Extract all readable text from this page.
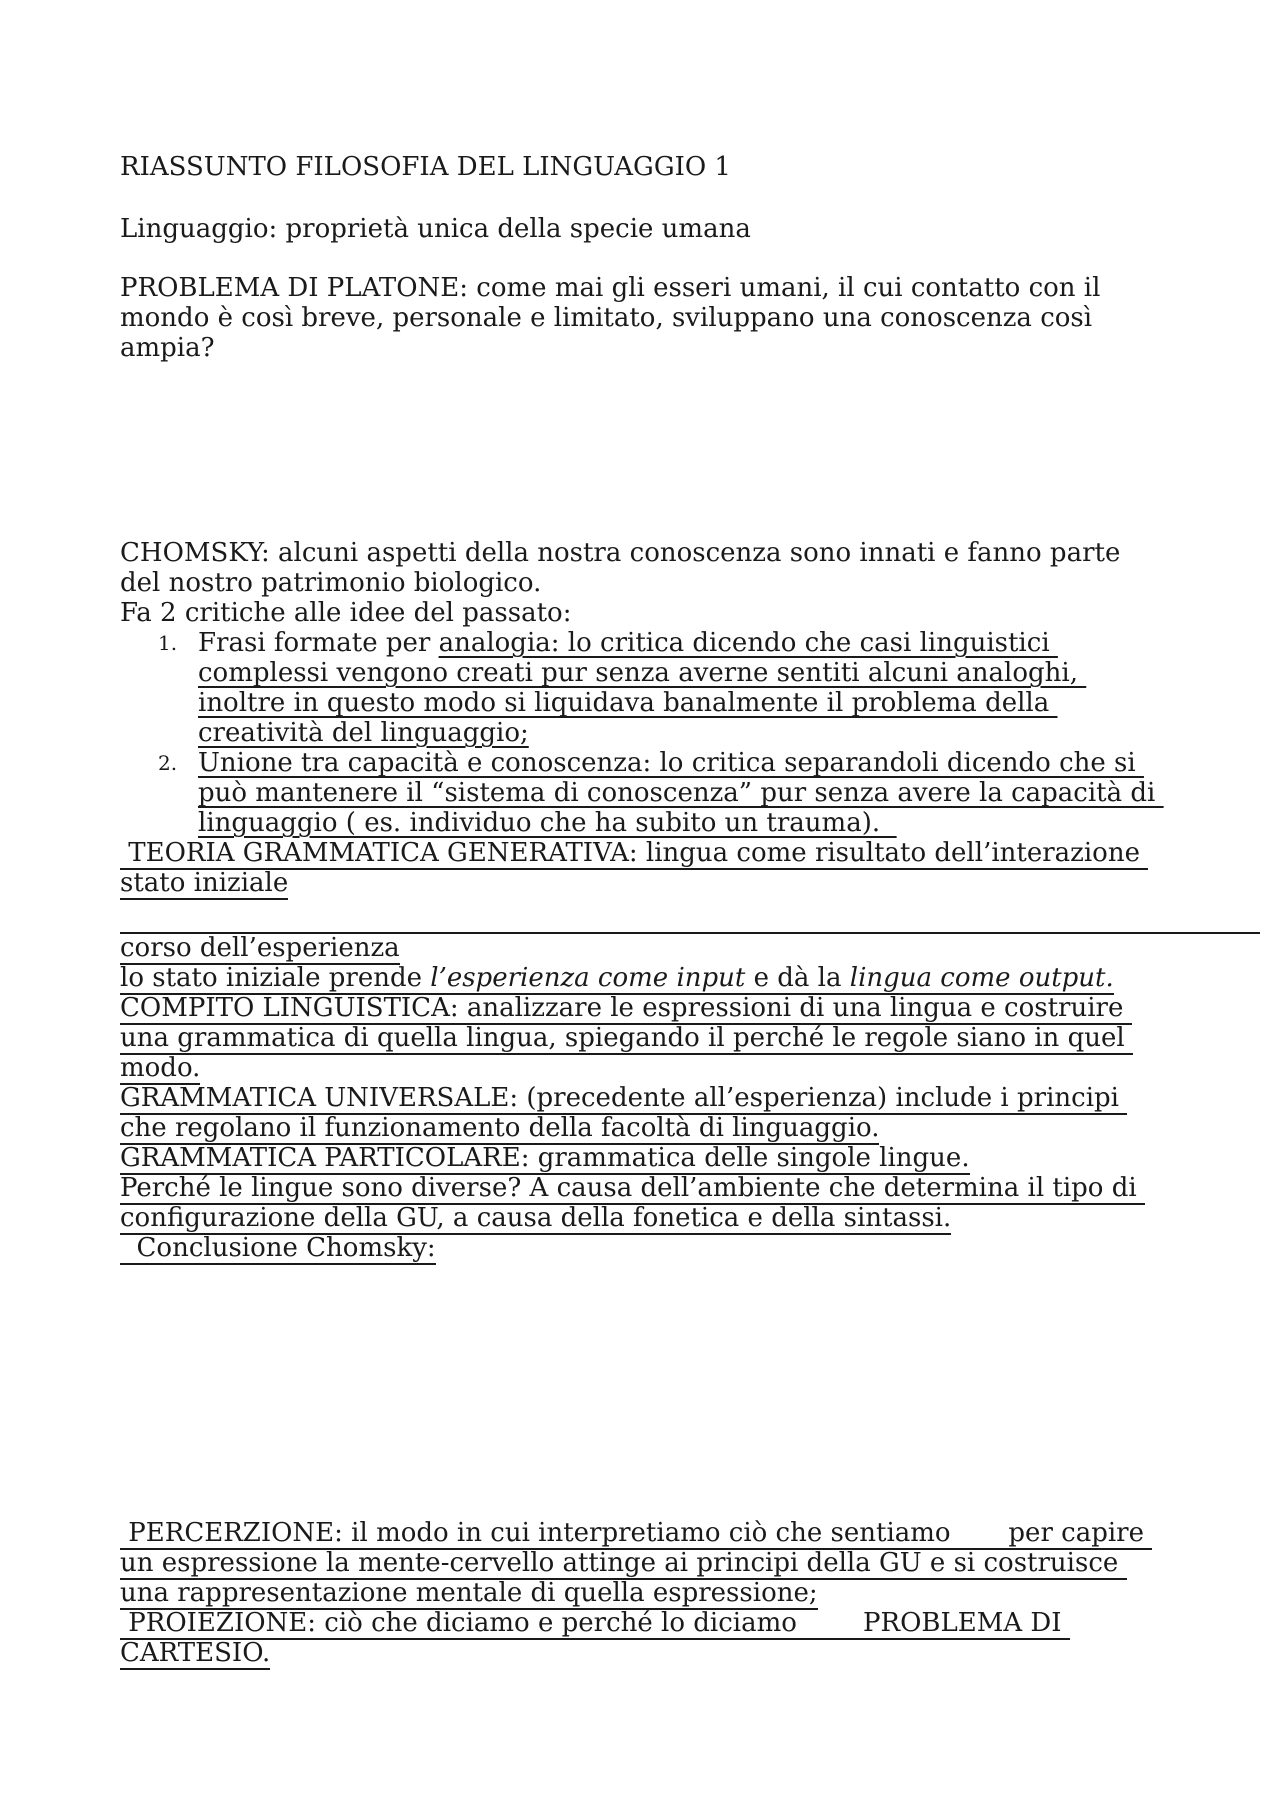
RIASSUNTO FILOSOFIA DEL LINGUAGGIO 1
Linguaggio: proprietà unica della specie umana
PROBLEMA DI PLATONE: come mai gli esseri umani, il cui contatto con il
mondo è così breve, personale e limitato, sviluppano una conoscenza così
ampia?
CHOMSKY: alcuni aspetti della nostra conoscenza sono innati e fanno parte
del nostro patrimonio biologico.
Fa 2 critiche alle idee del passato:
1. Frasi formate per analogia: lo critica dicendo che casi linguistici
complessi vengono creati pur senza averne sentiti alcuni analoghi,
inoltre in questo modo si liquidava banalmente il problema della
creatività del linguaggio;
2. Unione tra capacità e conoscenza: lo critica separandoli dicendo che si
può mantenere il “sistema di conoscenza” pur senza avere la capacità di
linguaggio ( es. individuo che ha subito un trauma).
TEORIA GRAMMATICA GENERATIVA: lingua come risultato dell’interazione
stato iniziale
corso dell’esperienza
lo stato iniziale prende l’esperienza come input e dà la lingua come output.
COMPITO LINGUISTICA: analizzare le espressioni di una lingua e costruire
una grammatica di quella lingua, spiegando il perché le regole siano in quel
modo.
GRAMMATICA UNIVERSALE: (precedente all’esperienza) include i principi
che regolano il funzionamento della facoltà di linguaggio.
GRAMMATICA PARTICOLARE: grammatica delle singole lingue.
Perché le lingue sono diverse? A causa dell’ambiente che determina il tipo di
configurazione della GU, a causa della fonetica e della sintassi.
Conclusione Chomsky:
PERCERZIONE: il modo in cui interpretiamo ciò che sentiamo       per capire
un espressione la mente-cervello attinge ai principi della GU e si costruisce
una rappresentazione mentale di quella espressione;
PROIEZIONE: ciò che diciamo e perché lo diciamo        PROBLEMA DI
CARTESIO.
